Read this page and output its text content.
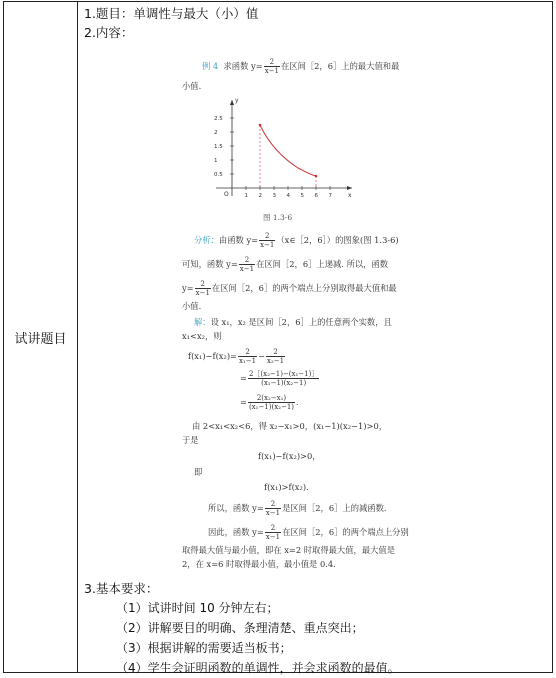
试讲题目	
1.题目：单调性与最大（小）值
2.内容：
例 4 求函数 $y= \frac{2}{x-1}$ 在区间［2，6］上的最大值和最
小值.
2.5
2
1.5
1
0.5
1 2 3 4 5 6 7
O
y
x
图 1.3-6
分析：由函数 $y= \frac{2}{x-1}$ （x∈［2，6］）的图象(图 1.3-6)
可知，函数 $y= \frac{2}{x-1}$ 在区间［2，6］上递减. 所以，函数
$y= \frac{2}{x-1}$ 在区间［2，6］的两个端点上分别取得最大值和最
小值.
解：设 x₁，x₂ 是区间［2，6］上的任意两个实数，且
x₁<x₂，则
$f(x_1)-f(x_2)= \frac{2}{\text{x₁−1}} - \frac{2}{\text{x₂−1}}$
= $\frac{\text{2［(x₂−1)−(x₁−1)］}}{\text{(x₁−1)(x₂−1)}}$
= $\frac{\text{2(x₂−x₁)}}{\text{(x₁−1)(x₂−1)}}$ .
由 2<x₁<x₂<6，得 x₂−x₁>0，(x₁−1)(x₂−1)>0，
于是
f(x₁)−f(x₂)>0，
即
f(x₁)>f(x₂).
所以，函数 $y= \frac{2}{x-1}$ 是区间［2，6］上的减函数.
因此，函数 $y= \frac{2}{x-1}$ 在区间［2，6］的两个端点上分别
取得最大值与最小值，即在 x=2 时取得最大值，最大值是
2，在 x=6 时取得最小值，最小值是 0.4.
3.基本要求：
（1）试讲时间 10 分钟左右；
（2）讲解要目的明确、条理清楚、重点突出；
（3）根据讲解的需要适当板书；
（4）学生会证明函数的单调性，并会求函数的最值。
